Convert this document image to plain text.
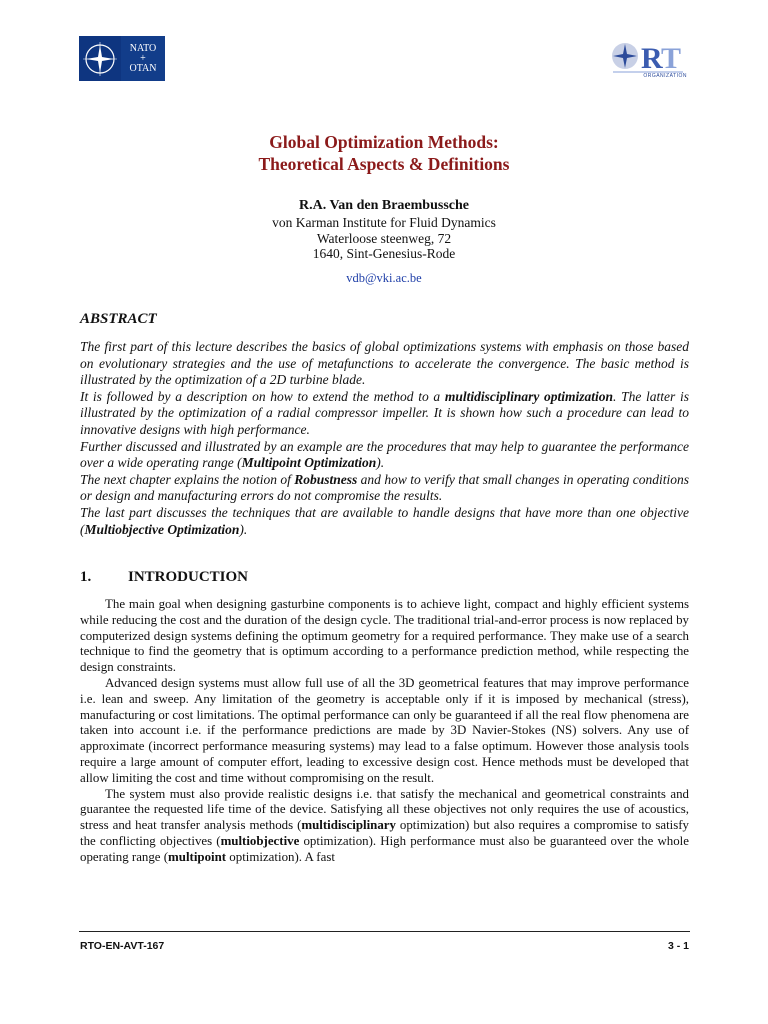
NATO
+
OTAN	R
T
ORGANIZATION
Global Optimization Methods:
Theoretical Aspects & Definitions
R.A. Van den Braembussche
von Karman Institute for Fluid Dynamics
Waterloose steenweg, 72
1640, Sint-Genesius-Rode
vdb@vki.ac.be
ABSTRACT

The first part of this lecture describes the basics of global optimizations systems with emphasis on those based on evolutionary strategies and the use of metafunctions to accelerate the convergence. The basic method is illustrated by the optimization of a 2D turbine blade.

It is followed by a description on how to extend the method to a multidisciplinary optimization. The latter is illustrated by the optimization of a radial compressor impeller. It is shown how such a procedure can lead to innovative designs with high performance.

Further discussed and illustrated by an example are the procedures that may help to guarantee the performance over a wide operating range (Multipoint Optimization).

The next chapter explains the notion of Robustness and how to verify that small changes in operating conditions or design and manufacturing errors do not compromise the results.

The last part discusses the techniques that are available to handle designs that have more than one objective (Multiobjective Optimization).

1. INTRODUCTION

The main goal when designing gasturbine components is to achieve light, compact and highly efficient systems while reducing the cost and the duration of the design cycle. The traditional trial-and-error process is now replaced by computerized design systems defining the optimum geometry for a required performance. They make use of a search technique to find the geometry that is optimum according to a performance prediction method, while respecting the design constraints.

Advanced design systems must allow full use of all the 3D geometrical features that may improve performance i.e. lean and sweep. Any limitation of the geometry is acceptable only if it is imposed by mechanical (stress), manufacturing or cost limitations. The optimal performance can only be guaranteed if all the real flow phenomena are taken into account i.e. if the performance predictions are made by 3D Navier-Stokes (NS) solvers. Any use of approximate (incorrect performance measuring systems) may lead to a false optimum. However those analysis tools require a large amount of computer effort, leading to excessive design cost. Hence methods must be developed that allow limiting the cost and time without compromising on the result.

The system must also provide realistic designs i.e. that satisfy the mechanical and geometrical constraints and guarantee the requested life time of the device. Satisfying all these objectives not only requires the use of acoustics, stress and heat transfer analysis methods (multidisciplinary optimization) but also requires a compromise to satisfy the conflicting objectives (multiobjective optimization). High performance must also be guaranteed over the whole operating range (multipoint optimization). A fast

RTO-EN-AVT-167	3 - 1
